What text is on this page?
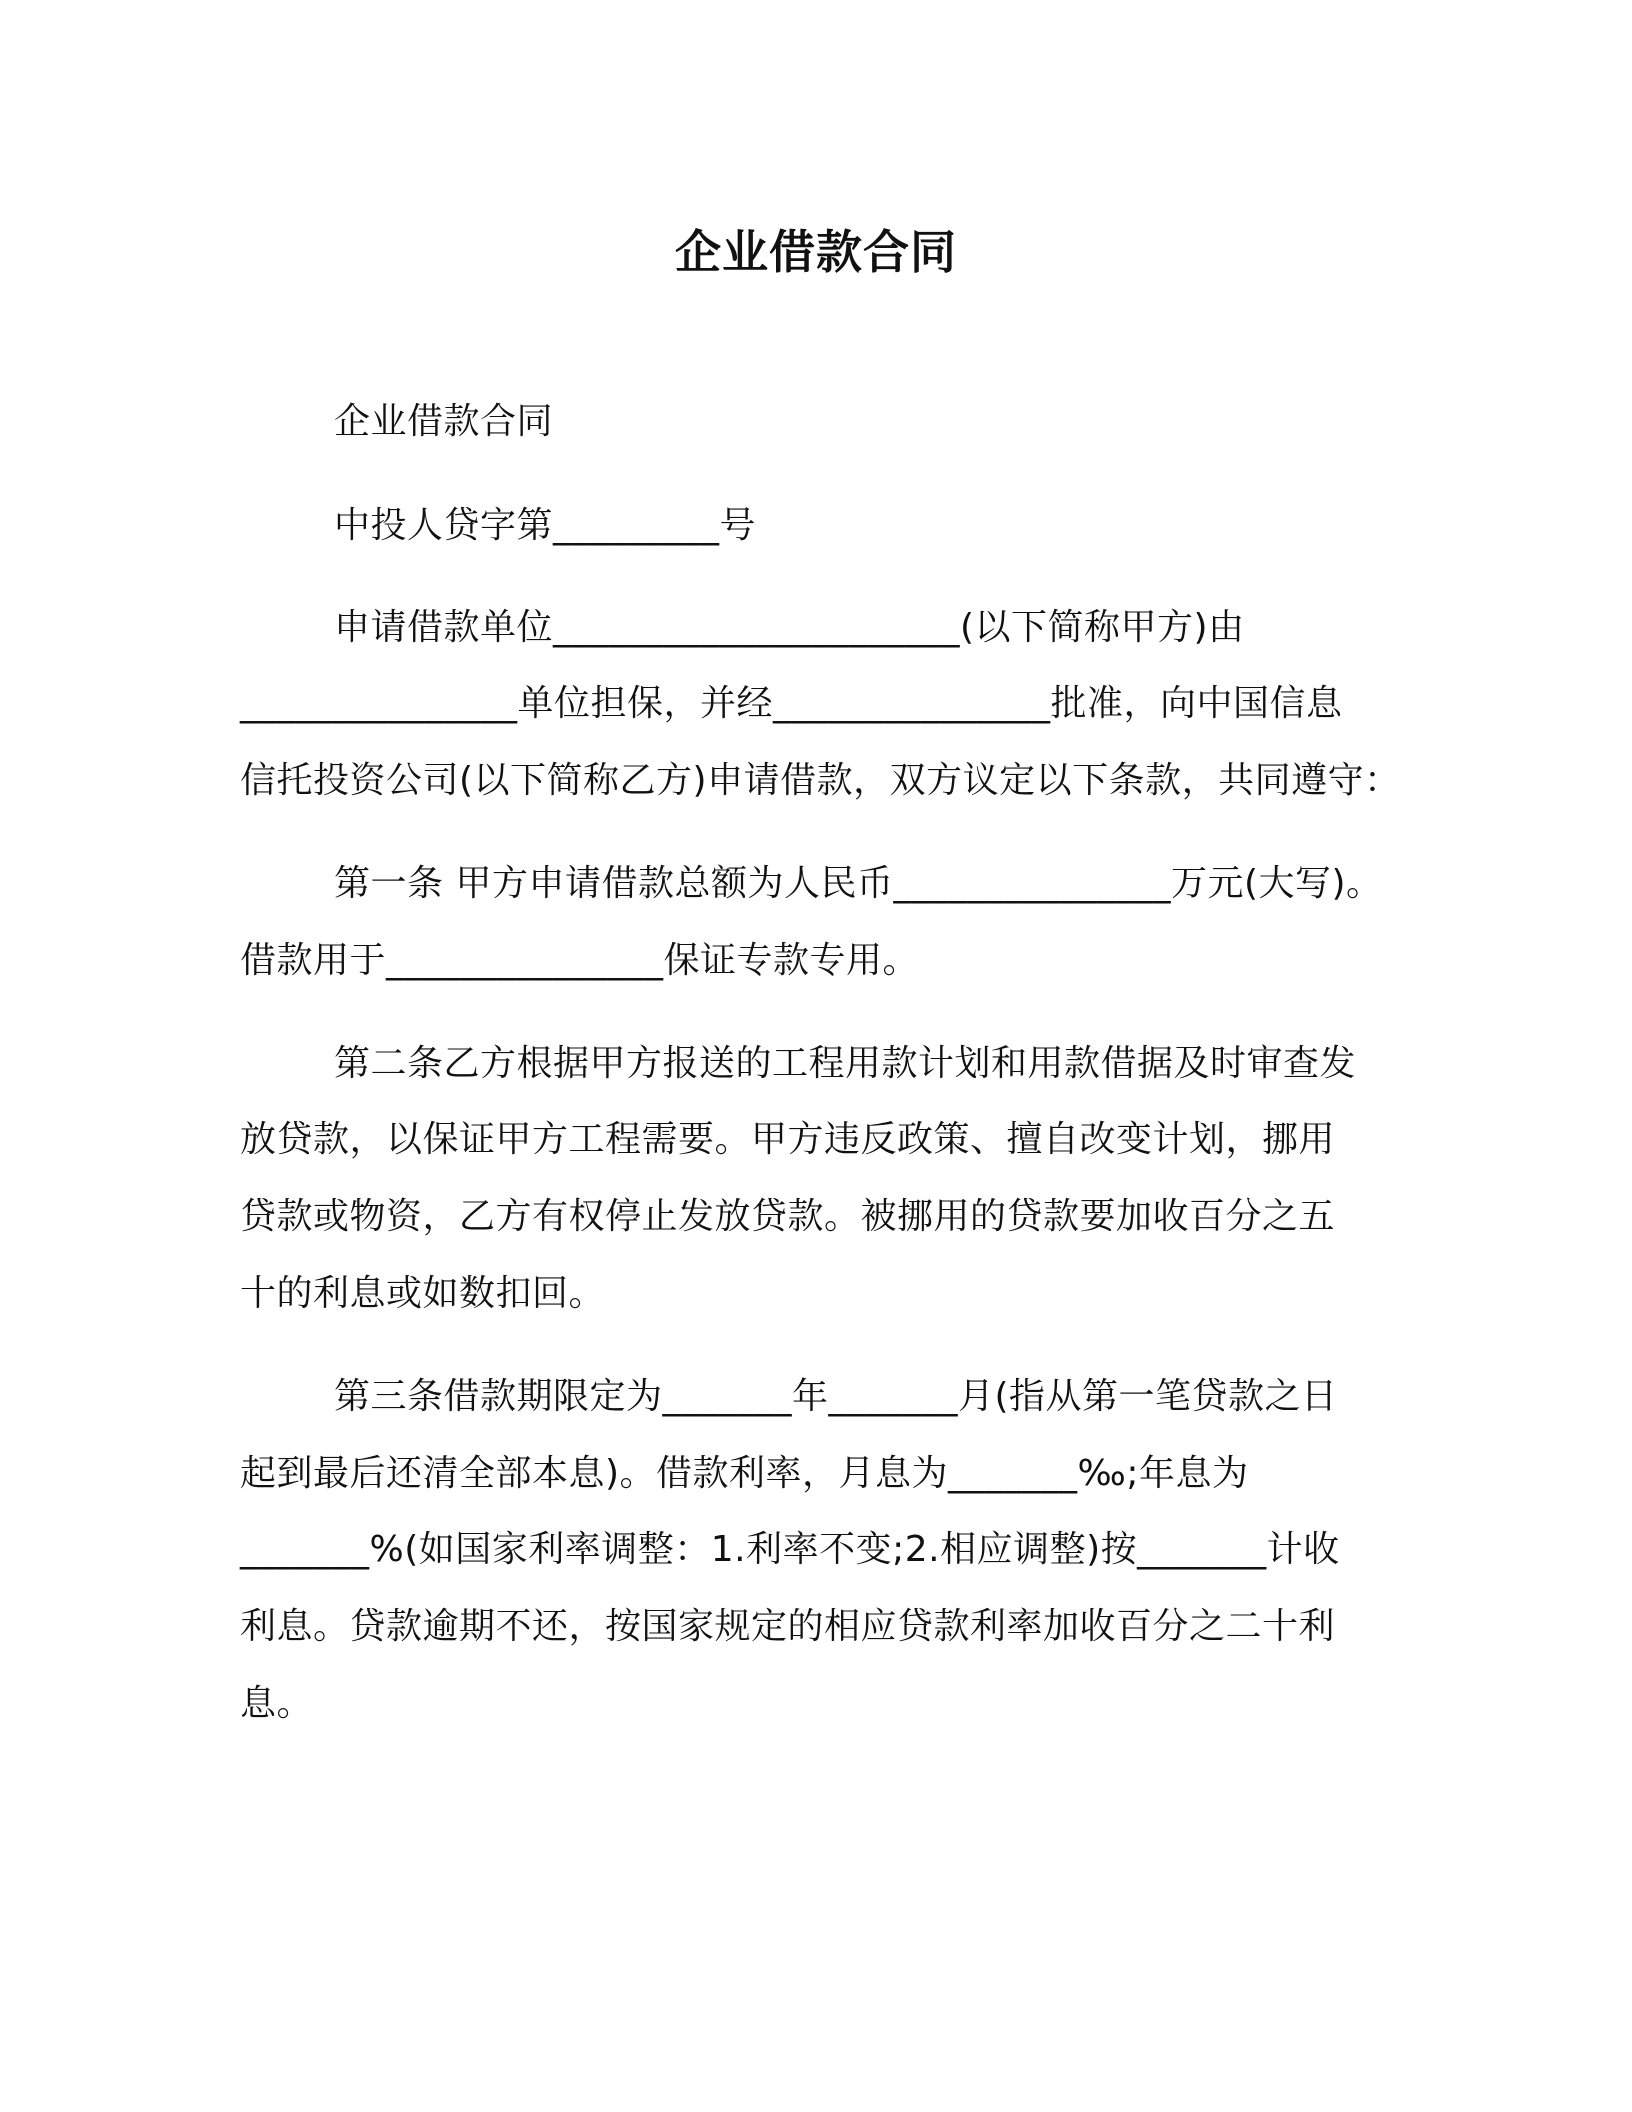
企业借款合同
企业借款合同
中投人贷字第_________号
申请借款单位______________________(以下简称甲方)由
_______________单位担保，并经_______________批准，向中国信息
信托投资公司(以下简称乙方)申请借款，双方议定以下条款，共同遵守：
第一条 甲方申请借款总额为人民币_______________万元(大写)。
借款用于_______________保证专款专用。
第二条乙方根据甲方报送的工程用款计划和用款借据及时审查发
放贷款，以保证甲方工程需要。甲方违反政策、擅自改变计划，挪用
贷款或物资，乙方有权停止发放贷款。被挪用的贷款要加收百分之五
十的利息或如数扣回。
第三条借款期限定为_______年_______月(指从第一笔贷款之日
起到最后还清全部本息)。借款利率，月息为_______‰;年息为
_______%(如国家利率调整：1.利率不变;2.相应调整)按_______计收
利息。贷款逾期不还，按国家规定的相应贷款利率加收百分之二十利
息。
